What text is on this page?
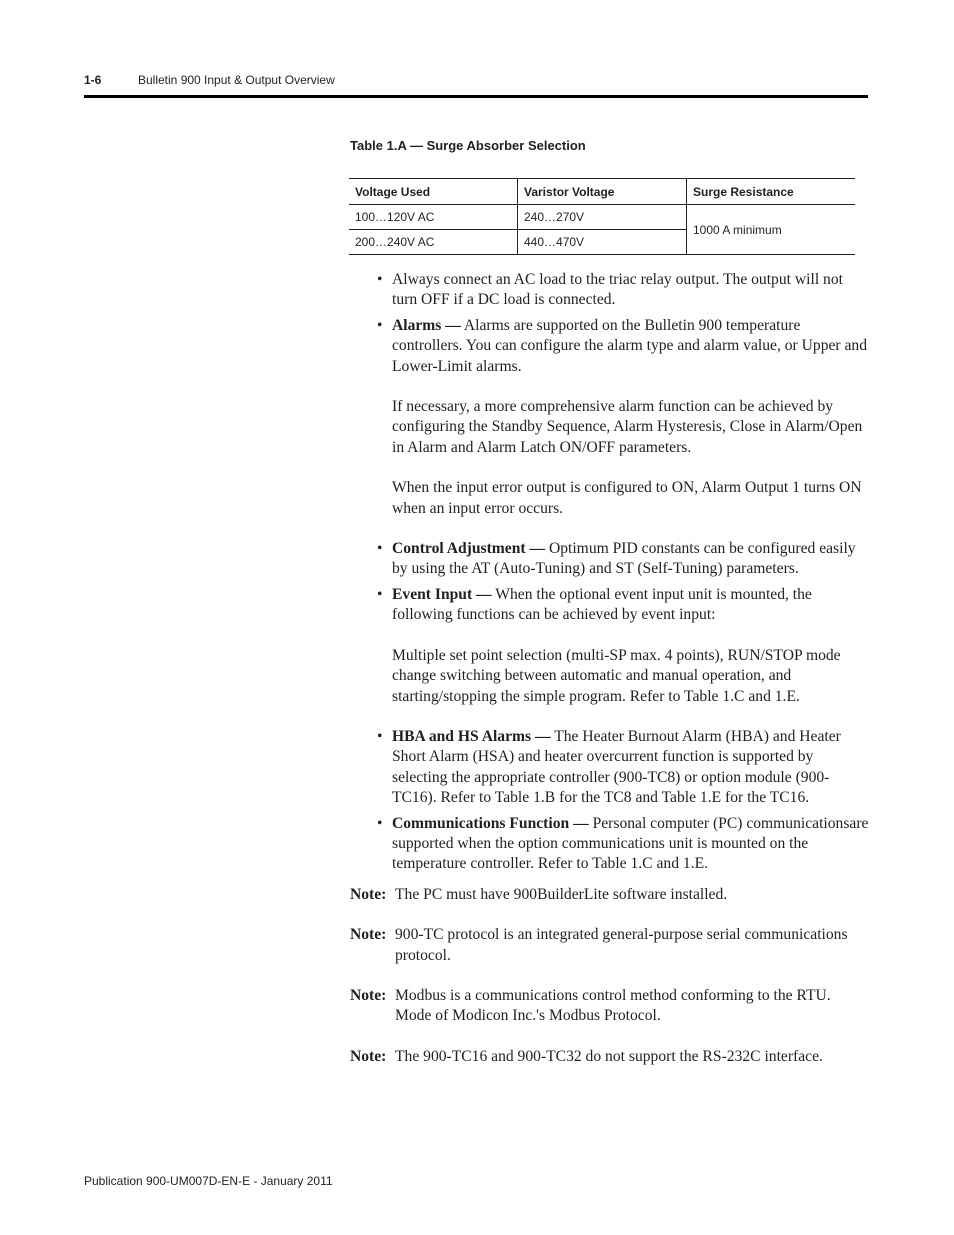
1-6	Bulletin 900 Input & Output Overview
Table 1.A — Surge Absorber Selection
Voltage Used	Varistor Voltage	Surge Resistance
100…120V AC	240…270V	1000 A minimum
200…240V AC	440…470V	
• Always connect an AC load to the triac relay output. The output will not turn OFF if a DC load is connected.
• Alarms — Alarms are supported on the Bulletin 900 temperature controllers. You can configure the alarm type and alarm value, or Upper and Lower-Limit alarms.
If necessary, a more comprehensive alarm function can be achieved by configuring the Standby Sequence, Alarm Hysteresis, Close in Alarm/Open in Alarm and Alarm Latch ON/OFF parameters.
When the input error output is configured to ON, Alarm Output 1 turns ON when an input error occurs.
• Control Adjustment — Optimum PID constants can be configured easily by using the AT (Auto-Tuning) and ST (Self-Tuning) parameters.
• Event Input — When the optional event input unit is mounted, the following functions can be achieved by event input:
Multiple set point selection (multi-SP max. 4 points), RUN/STOP mode change switching between automatic and manual operation, and starting/stopping the simple program. Refer to Table 1.C and 1.E.
• HBA and HS Alarms — The Heater Burnout Alarm (HBA) and Heater Short Alarm (HSA) and heater overcurrent function is supported by selecting the appropriate controller (900-TC8) or option module (900-TC16). Refer to Table 1.B for the TC8 and Table 1.E for the TC16.
• Communications Function — Personal computer (PC) communicationsare supported when the option communications unit is mounted on the temperature controller. Refer to Table 1.C and 1.E.
Note: The PC must have 900BuilderLite software installed.
Note: 900-TC protocol is an integrated general-purpose serial communications protocol.
Note: Modbus is a communications control method conforming to the RTU. Mode of Modicon Inc.'s Modbus Protocol.
Note: The 900-TC16 and 900-TC32 do not support the RS-232C interface.
Publication 900-UM007D-EN-E - January 2011
